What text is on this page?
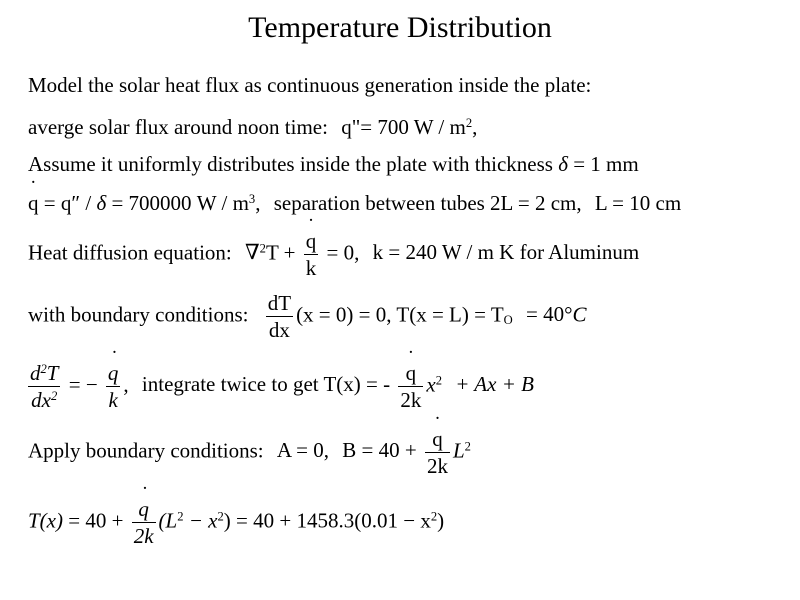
Temperature Distribution
Model the solar heat flux as continuous generation inside the plate:
averge solar flux around noon time: q"= 700 W / $m^2$,
Assume it uniformly distributes inside the plate with thickness δ = 1 mm
˙ q = q″ / δ = 700000 W / $m^3$, separation between tubes 2L = 2 cm, L = 10 cm
Heat diffusion equation: ∇$^2$T + ˙ $\frac{q}{k} = 0$, k = 240 W / m K for Aluminum
with boundary conditions: $\frac{dT}{dx} (x = 0) = 0$, $T(x = L) = T_O = 40^\circ C$
$\frac{d^2T}{dx^2}$ = − ˙ $\frac{q}{k}$ , integrate twice to get T(x) = - ˙ $\frac{q}{2k} x^2 + Ax + B$
Apply boundary conditions: A = 0, B = 40 + ˙ $\frac{q}{2k} L^2$
T(x) = 40 + ˙ $\frac{q}{2k} (L^2 - x^2) = 40 + 1458.3(0.01 - x^2)$
